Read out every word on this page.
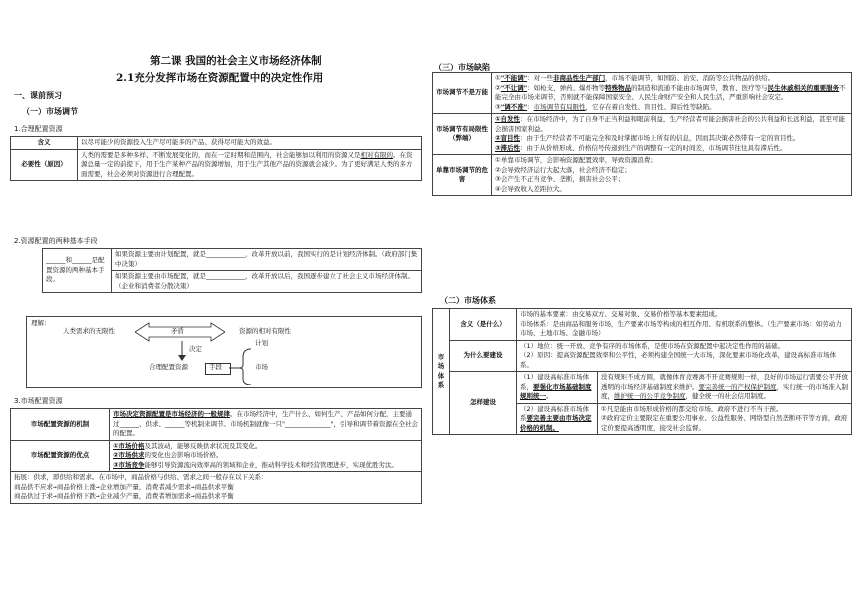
第二课 我国的社会主义市场经济体制
2.1充分发挥市场在资源配置中的决定性作用
一、课前预习
（一）市场调节
1.合理配置资源
含义	以尽可能少的资源投入生产尽可能多的产品、获得尽可能大的效益。
必要性（原因）	人类的需要是多种多样、不断发展变化的，而在一定时期和范围内，社会能够加以利用的资源又是相对有限的。在资源总量一定的前提下，用于生产某种产品的资源增加，用于生产其他产品的资源就会减少。为了更好满足人类的多方面需要，社会必须对资源进行合理配置。
2.资源配置的两种基本手段
______和______是配置资源的两种基本手段。	如果资源主要由计划配置，就是____________，改革开放以前，我国实行的是计划经济体制。（政府部门集中决策）
如果资源主要由市场配置，就是____________，改革开放以后，我国逐步建立了社会主义市场经济体制。（企业和消费者分散决策）
理解：
人类需求的无限性	矛盾	资源的相对有限性
决定
合理配置资源	手段
计划
市场
3.市场配置资源
市场配置资源的机制	市场决定资源配置是市场经济的一般规律。在市场经济中，生产什么、如何生产、产品如何分配，主要通过______、供求、______等机制来调节。市场机制就像一只"______________"，引导和调节着资源在全社会的配置。
市场配置资源的优点	①市场价格及其波动，能够反映供求状况及其变化。
②市场供求的变化也会影响市场价格。
③市场竞争能够引导资源流向效率高的领域和企业，推动科学技术和经营管理进步，实现优胜劣汰。
拓展：供求，即供给和需求。在市场中，商品价格与供给、需求之间一般存在以下关系：
商品供不应求→商品价格上涨→企业增加产量，消费者减少需求→商品供求平衡
商品供过于求→商品价格下跌→企业减少产量，消费者增加需求→商品供求平衡	
（三）市场缺陷
市场调节不是万能	①"不能调"：对一些非商品性生产部门，市场不能调节，如国防、治安、消防等公共物品的供给。
②"不让调"：如枪支、弹药、爆炸物等特殊物品的制造和流通不能由市场调节，教育、医疗等与民生休戚相关的重要服务不能完全由市场来调节，否则就不能保障国家安全、人民生命财产安全和人民生活，严重影响社会安定。
③"调不准"：市场调节有局限性，它存在着自发性、盲目性、滞后性等缺陷。
市场调节有局限性（弊端）	①自发性：在市场经济中，为了自身不正当利益和眼前利益，生产经营者可能会损害社会的公共利益和长远利益，甚至可能会损害国家利益。
②盲目性：由于生产经营者不可能完全和及时掌握市场上所有的信息，因而其决策必然带有一定的盲目性。
③滞后性：由于从价格形成、价格信号传递到生产的调整有一定的时间差，市场调节往往具有滞后性。
单靠市场调节的危害	①单靠市场调节，会影响资源配置效率，导致资源浪费；
②会导致经济运行大起大落，社会经济不稳定；
③会产生不正当竞争、垄断，损害社会公平；
④会导致收入差距拉大。
（二）市场体系
市场体系	含义（是什么）	市场的基本要素：由交易双方、交易对象、交易价格等基本要素组成。
市场体系：是由商品和服务市场，生产要素市场等构成的相互作用、有机联系的整体。（生产要素市场：如劳动力市场、土地市场、金融市场）	
	为什么要建设	（1）地位：统一开放、竞争有序的市场体系，是使市场在资源配置中起决定性作用的基础。
（2）原因：提高资源配置效率和公平性，必须构建全国统一大市场，深化要素市场化改革，建设高标准市场体系。	
	怎样建设	（1）建设高标准市场体系，要强化市场基础制度规则统一。	没有规矩不成方圆，就像体育竞赛离不开竞赛规则一样，良好的市场运行需要公平开放透明的市场经济基础制度来维护。要完善统一的产权保护制度，实行统一的市场准入制度，维护统一的公平竞争制度，健全统一的社会信用制度。
		（2）建设高标准市场体系要完善主要由市场决定价格的机制。	①凡是能由市场形成价格的都交给市场，政府不进行不当干预。
②政府定价主要限定在重要公用事业、公益性服务、网络型自然垄断环节等方面，政府定价要提高透明度，接受社会监督。
